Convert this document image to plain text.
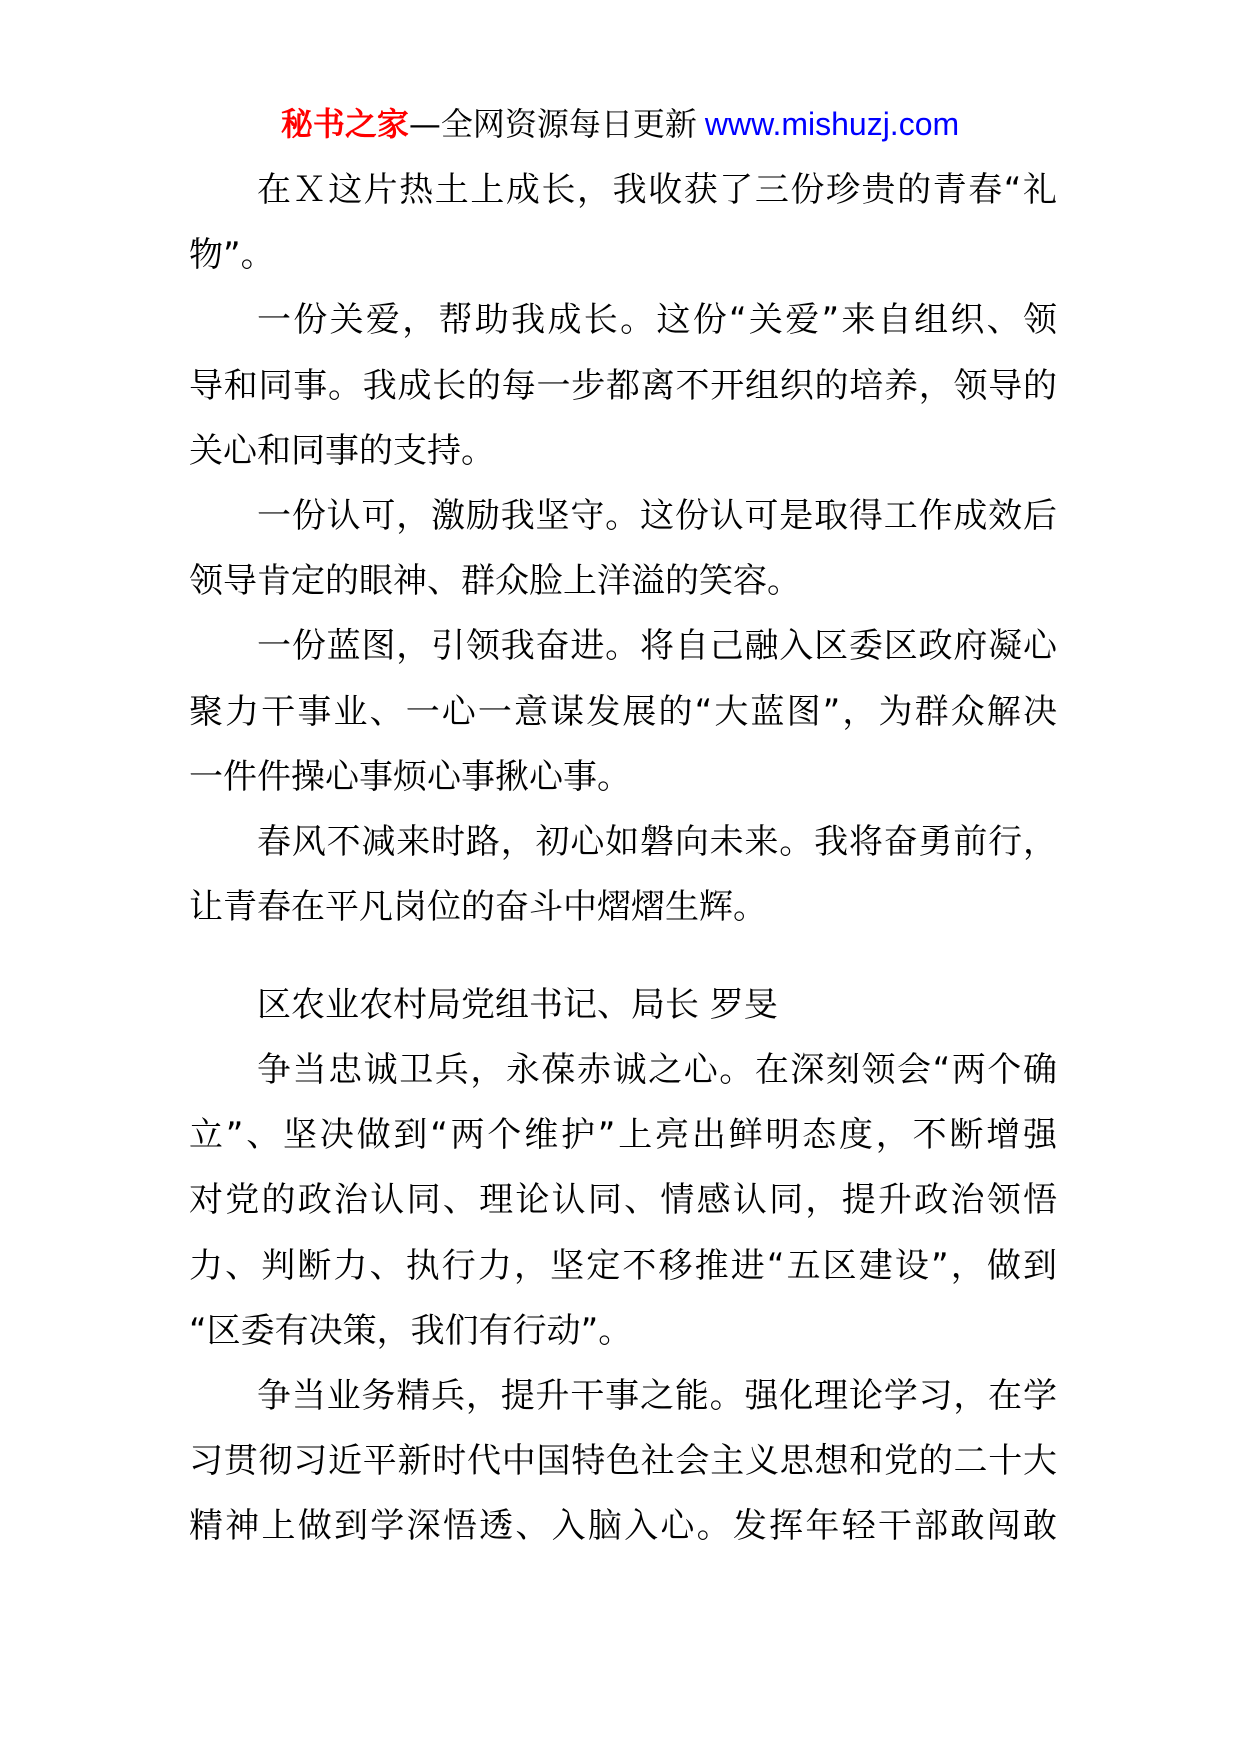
秘书之家—全网资源每日更新 www.mishuzj.com
在Ｘ这片热土上成长，我收获了三份珍贵的青春“礼
物”。
一份关爱，帮助我成长。这份“关爱”来自组织、领
导和同事。我成长的每一步都离不开组织的培养，领导的
关心和同事的支持。
一份认可，激励我坚守。这份认可是取得工作成效后
领导肯定的眼神、群众脸上洋溢的笑容。
一份蓝图，引领我奋进。将自己融入区委区政府凝心
聚力干事业、一心一意谋发展的“大蓝图”，为群众解决
一件件操心事烦心事揪心事。
春风不减来时路，初心如磐向未来。我将奋勇前行，
让青春在平凡岗位的奋斗中熠熠生辉。
区农业农村局党组书记、局长 罗旻
争当忠诚卫兵，永葆赤诚之心。在深刻领会“两个确
立”、坚决做到“两个维护”上亮出鲜明态度，不断增强
对党的政治认同、理论认同、情感认同，提升政治领悟
力、判断力、执行力，坚定不移推进“五区建设”，做到
“区委有决策，我们有行动”。
争当业务精兵，提升干事之能。强化理论学习，在学
习贯彻习近平新时代中国特色社会主义思想和党的二十大
精神上做到学深悟透、入脑入心。发挥年轻干部敢闯敢
